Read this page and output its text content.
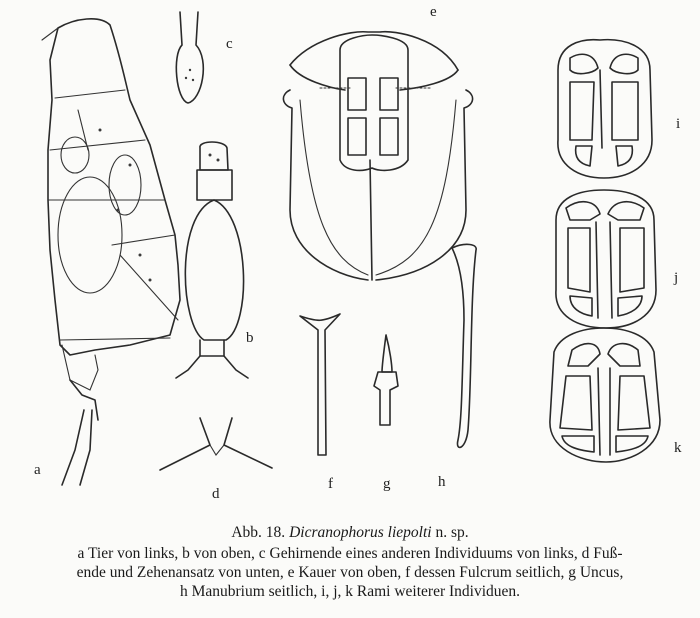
a
b
c
d
e
f	g	h
i
j
k
Abb. 18. Dicranophorus liepolti n. sp.
a Tier von links, b von oben, c Gehirnende eines anderen Individuums von links, d Fuß-
ende und Zehenansatz von unten, e Kauer von oben, f dessen Fulcrum seitlich, g Uncus,
h Manubrium seitlich, i, j, k Rami weiterer Individuen.
